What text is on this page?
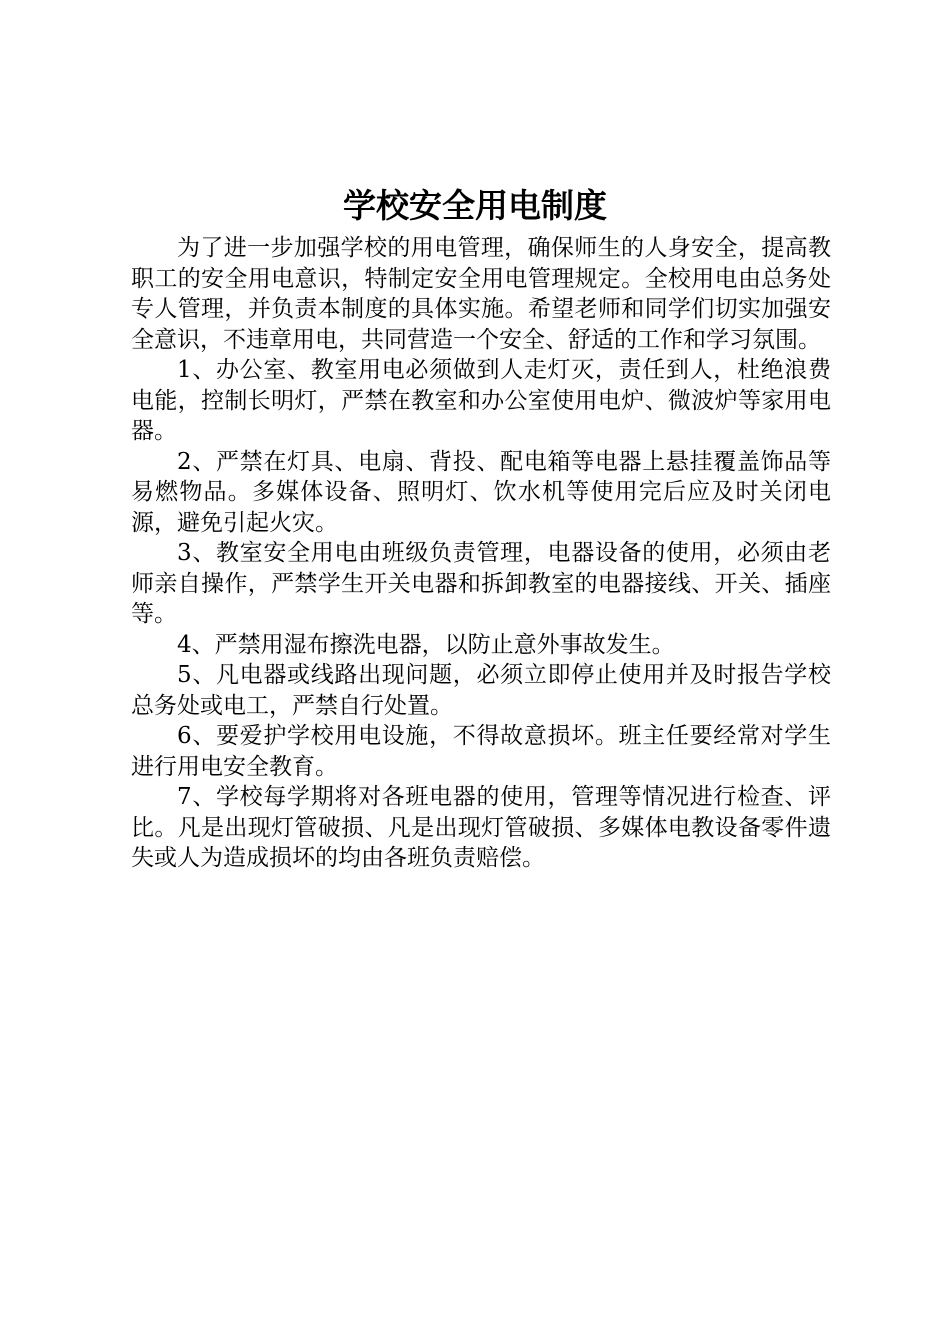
学校安全用电制度

为了进一步加强学校的用电管理，确保师生的人身安全，提高教职工的安全用电意识，特制定安全用电管理规定。全校用电由总务处专人管理，并负责本制度的具体实施。希望老师和同学们切实加强安全意识，不违章用电，共同营造一个安全、舒适的工作和学习氛围。

1、办公室、教室用电必须做到人走灯灭，责任到人，杜绝浪费电能，控制长明灯，严禁在教室和办公室使用电炉、微波炉等家用电器。

2、严禁在灯具、电扇、背投、配电箱等电器上悬挂覆盖饰品等易燃物品。多媒体设备、照明灯、饮水机等使用完后应及时关闭电源，避免引起火灾。

3、教室安全用电由班级负责管理，电器设备的使用，必须由老师亲自操作，严禁学生开关电器和拆卸教室的电器接线、开关、插座等。

4、严禁用湿布擦洗电器，以防止意外事故发生。

5、凡电器或线路出现问题，必须立即停止使用并及时报告学校总务处或电工，严禁自行处置。

6、要爱护学校用电设施，不得故意损坏。班主任要经常对学生进行用电安全教育。

7、学校每学期将对各班电器的使用，管理等情况进行检查、评比。凡是出现灯管破损、凡是出现灯管破损、多媒体电教设备零件遗失或人为造成损坏的均由各班负责赔偿。
